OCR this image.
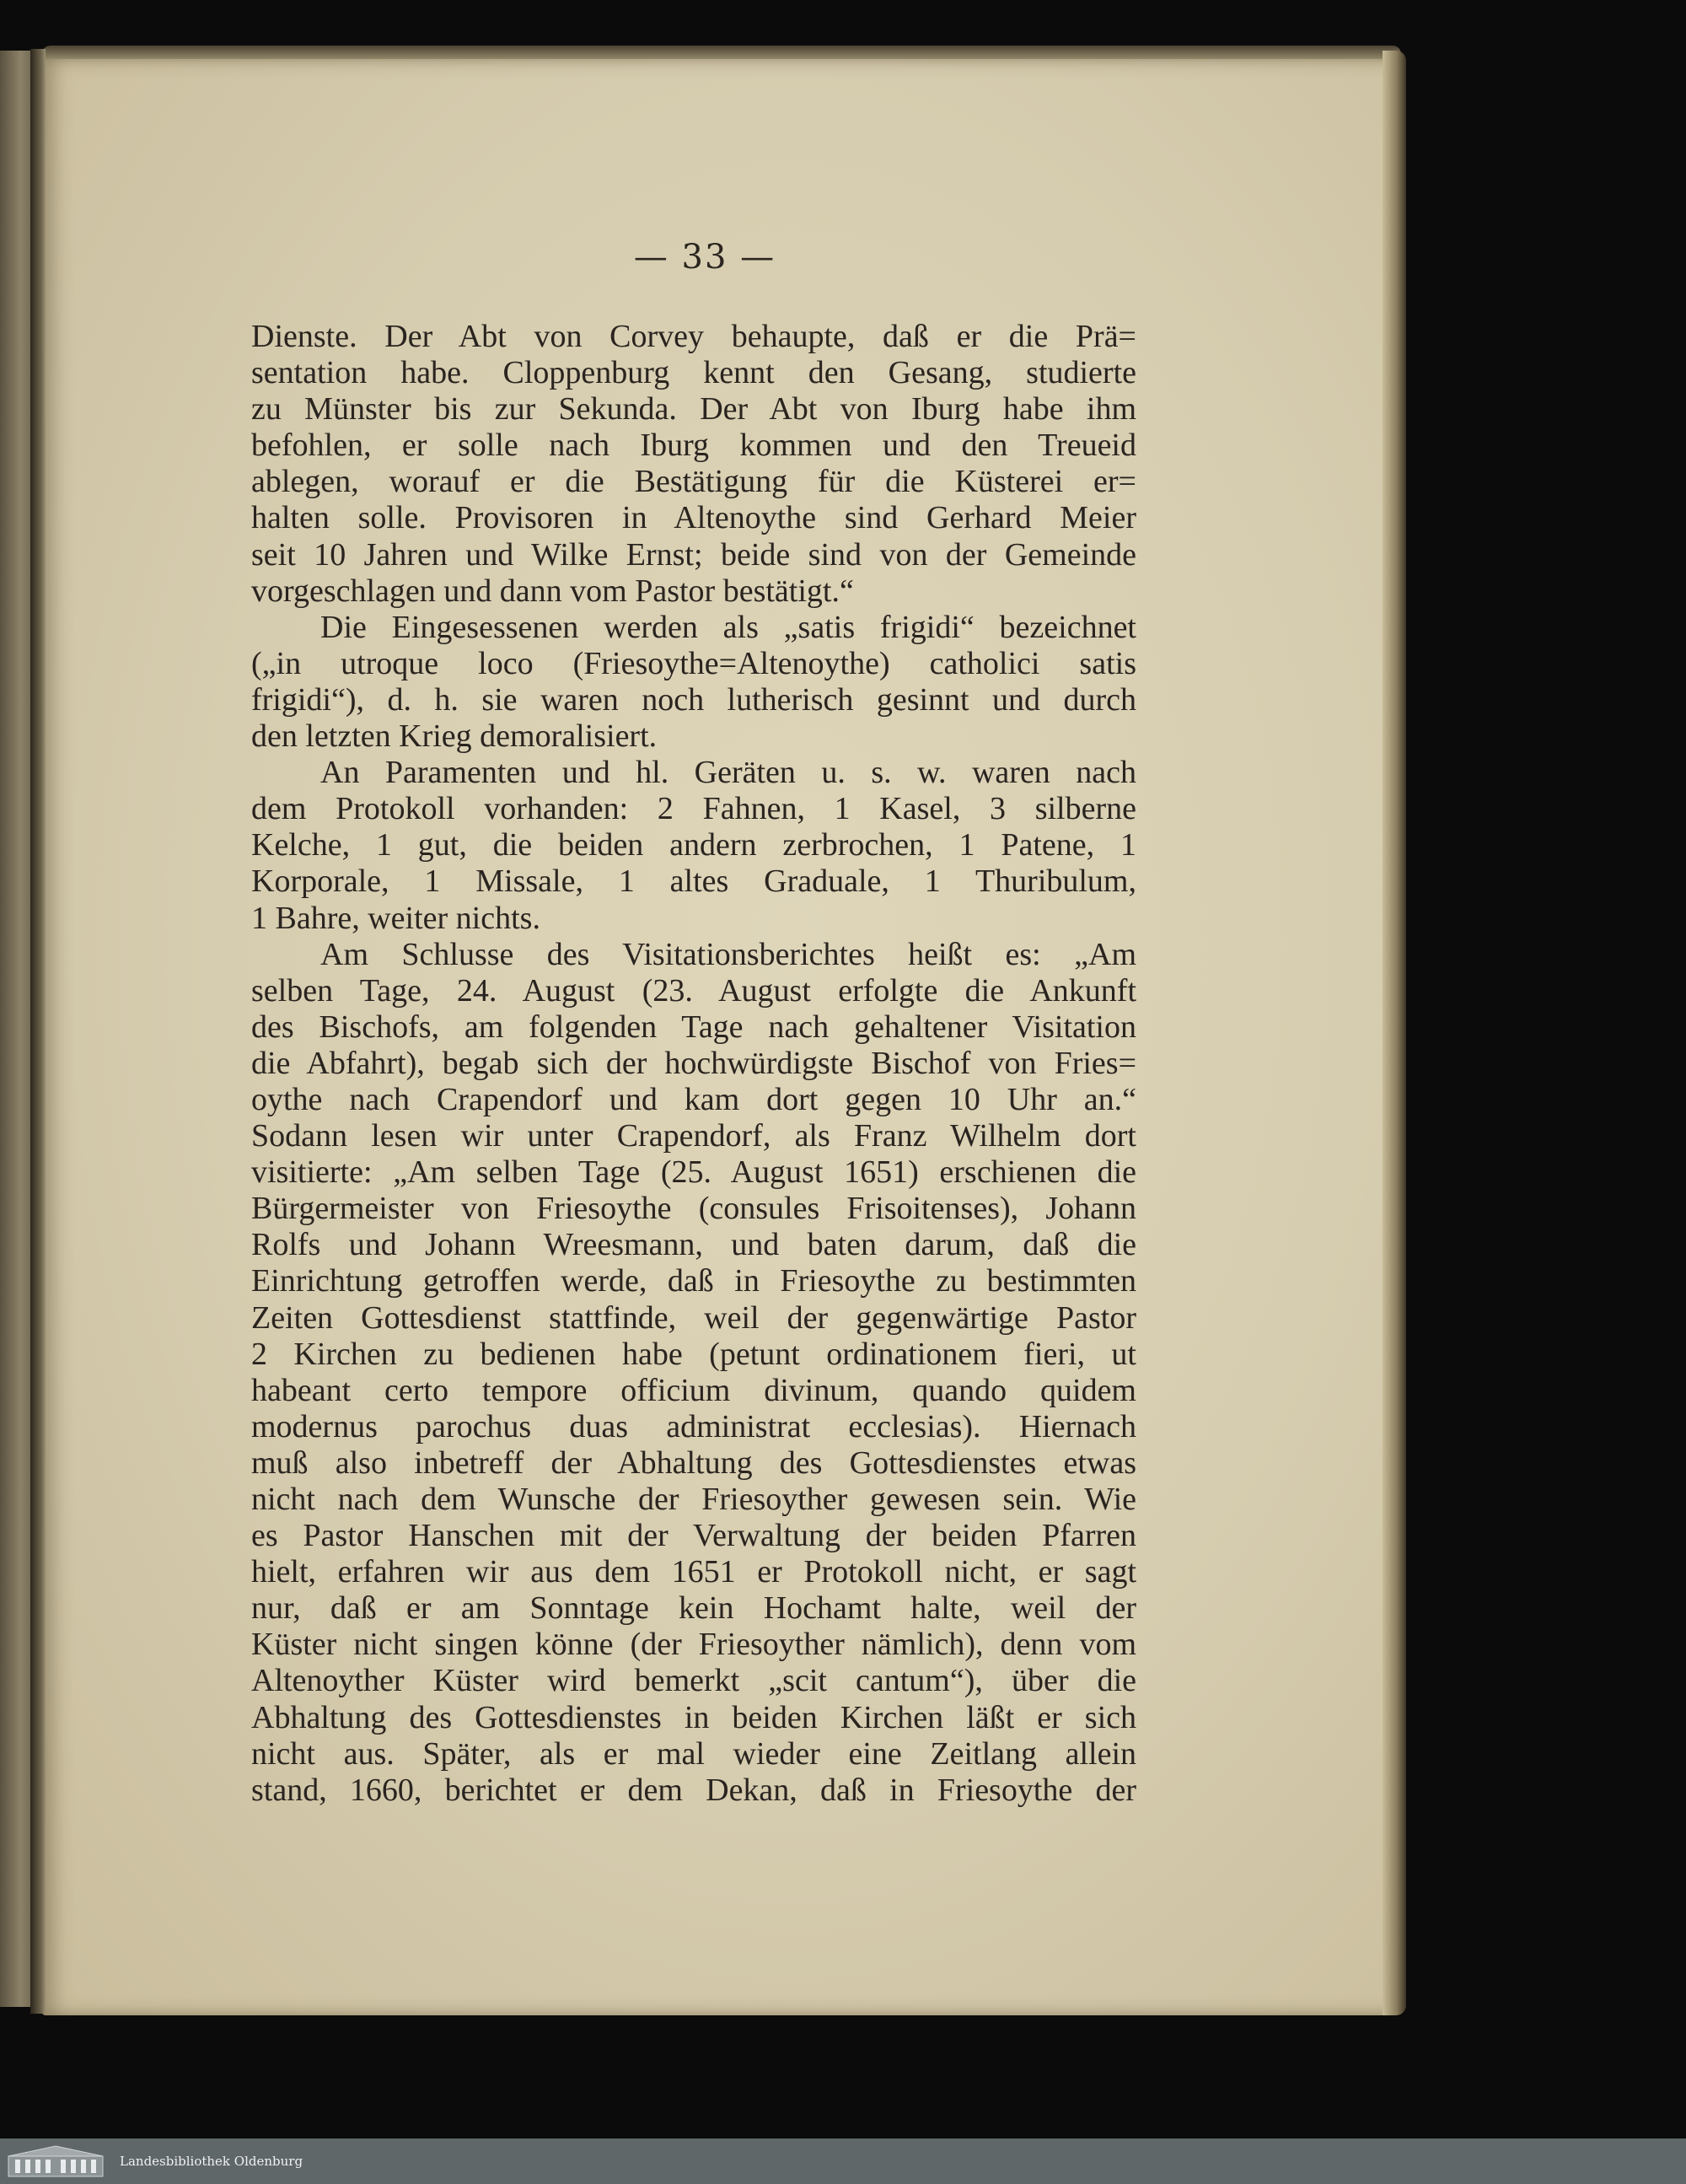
— 33 —
Dienste. Der Abt von Corvey behaupte, daß er die Prä=
sentation habe. Cloppenburg kennt den Gesang, studierte
zu Münster bis zur Sekunda. Der Abt von Iburg habe ihm
befohlen, er solle nach Iburg kommen und den Treueid
ablegen, worauf er die Bestätigung für die Küsterei er=
halten solle. Provisoren in Altenoythe sind Gerhard Meier
seit 10 Jahren und Wilke Ernst; beide sind von der Gemeinde
vorgeschlagen und dann vom Pastor bestätigt.“
Die Eingesessenen werden als „satis frigidi“ bezeichnet
(„in utroque loco (Friesoythe=Altenoythe) catholici satis
frigidi“), d. h. sie waren noch lutherisch gesinnt und durch
den letzten Krieg demoralisiert.
An Paramenten und hl. Geräten u. s. w. waren nach
dem Protokoll vorhanden: 2 Fahnen, 1 Kasel, 3 silberne
Kelche, 1 gut, die beiden andern zerbrochen, 1 Patene, 1
Korporale, 1 Missale, 1 altes Graduale, 1 Thuribulum,
1 Bahre, weiter nichts.
Am Schlusse des Visitationsberichtes heißt es: „Am
selben Tage, 24. August (23. August erfolgte die Ankunft
des Bischofs, am folgenden Tage nach gehaltener Visitation
die Abfahrt), begab sich der hochwürdigste Bischof von Fries=
oythe nach Crapendorf und kam dort gegen 10 Uhr an.“
Sodann lesen wir unter Crapendorf, als Franz Wilhelm dort
visitierte: „Am selben Tage (25. August 1651) erschienen die
Bürgermeister von Friesoythe (consules Frisoitenses), Johann
Rolfs und Johann Wreesmann, und baten darum, daß die
Einrichtung getroffen werde, daß in Friesoythe zu bestimmten
Zeiten Gottesdienst stattfinde, weil der gegenwärtige Pastor
2 Kirchen zu bedienen habe (petunt ordinationem fieri, ut
habeant certo tempore officium divinum, quando quidem
modernus parochus duas administrat ecclesias). Hiernach
muß also inbetreff der Abhaltung des Gottesdienstes etwas
nicht nach dem Wunsche der Friesoyther gewesen sein. Wie
es Pastor Hanschen mit der Verwaltung der beiden Pfarren
hielt, erfahren wir aus dem 1651 er Protokoll nicht, er sagt
nur, daß er am Sonntage kein Hochamt halte, weil der
Küster nicht singen könne (der Friesoyther nämlich), denn vom
Altenoyther Küster wird bemerkt „scit cantum“), über die
Abhaltung des Gottesdienstes in beiden Kirchen läßt er sich
nicht aus. Später, als er mal wieder eine Zeitlang allein
stand, 1660, berichtet er dem Dekan, daß in Friesoythe der
Landesbibliothek Oldenburg
